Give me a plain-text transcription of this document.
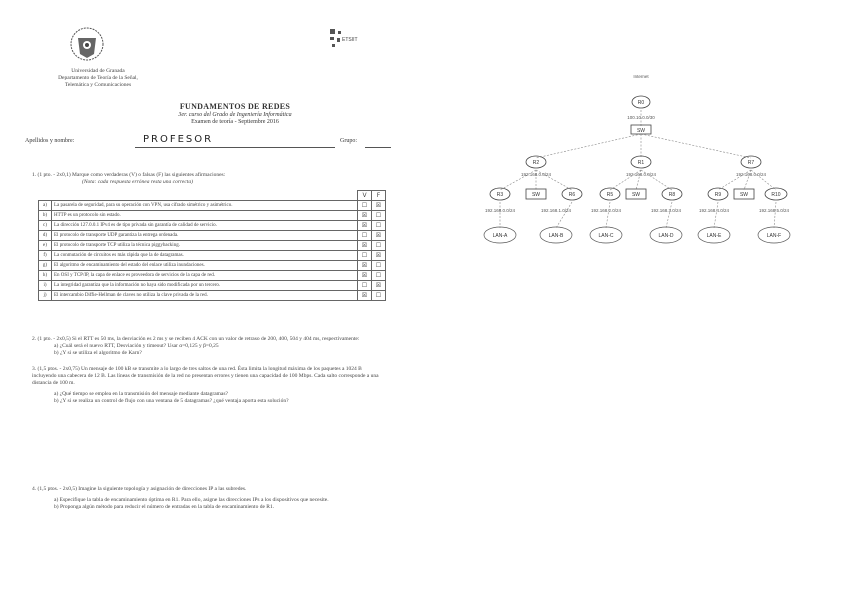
ETSIIT
Universidad de Granada
Departamento de Teoría de la Señal,
Telemática y Comunicaciones
FUNDAMENTOS DE REDES
3er. curso del Grado de Ingeniería Informática
Examen de teoría - Septiembre 2016
Apellidos y nombre:	PROFESOR	Grupo:
1. (1 pto. - 2x0,1) Marque como verdaderas (V) o falsas (F) las siguientes afirmaciones:
(Nota: cada respuesta errónea resta una correcta)
		V	F
a)	La pasarela de seguridad, para su operación con VPN, usa cifrado simétrico y asimétrico.	☐	☒
b)	HTTP es un protocolo sin estado.	☒	☐
c)	La dirección 127.0.0.1 IPv4 es de tipo privada sin garantía de calidad de servicio.	☒	☐
d)	El protocolo de transporte UDP garantiza la entrega ordenada.	☐	☒
e)	El protocolo de transporte TCP utiliza la técnica piggybacking.	☒	☐
f)	La conmutación de circuitos es más rápida que la de datagramas.	☐	☒
g)	El algoritmo de encaminamiento del estado del enlace utiliza inundaciones.	☒	☐
h)	En OSI y TCP/IP, la capa de enlace es proveedora de servicios de la capa de red.	☒	☐
i)	La integridad garantiza que la información no haya sido modificada por un tercero.	☐	☒
j)	El intercambio Diffie-Hellman de claves no utiliza la clave privada de la red.	☒	☐
2. (1 pto. - 2x0,5) Si el RTT es 50 ms, la desviación es 2 ms y se reciben 4 ACK con un valor de retraso de 200, 400, 504 y 404 ms, respectivamente:
a) ¿Cuál será el nuevo RTT, Desviación y timeout? Usar α=0,125 y β=0,25
b) ¿Y si se utiliza el algoritmo de Karn?
3. (1,5 ptos. - 2x0,75) Un mensaje de 100 kB se transmite a lo largo de tres saltos de una red. Ésta limita la longitud máxima de los paquetes a 1024 B incluyendo una cabecera de 12 B. Las líneas de transmisión de la red no presentan errores y tienen una capacidad de 100 Mbps. Cada salto corresponde a una distancia de 100 m.
a) ¿Qué tiempo se emplea en la transmisión del mensaje mediante datagramas?
b) ¿Y si se realiza un control de flujo con una ventana de 5 datagramas? ¿qué ventaja aporta esta solución?
4. (1,5 ptos. - 2x0,5) Imagine la siguiente topología y asignación de direcciones IP a las subredes.
a) Especifique la tabla de encaminamiento óptima en R1. Para ello, asigne las direcciones IPs a los dispositivos que necesite.
b) Proponga algún método para reducir el número de entradas en la tabla de encaminamiento de R1.
Internet
R0
100.10.0.0/30
SW
R2	R1	R7
192.168.0.0/24	192.168.0.0/24	192.168.0.0/24
R3	SW	R6	R5	SW	R8	R9	SW	R10
192.168.0.0/24	192.168.1.0/24	192.168.2.0/24	192.168.3.0/24	192.168.4.0/24	192.168.5.0/24
LAN-A	LAN-B	LAN-C	LAN-D	LAN-E	LAN-F
